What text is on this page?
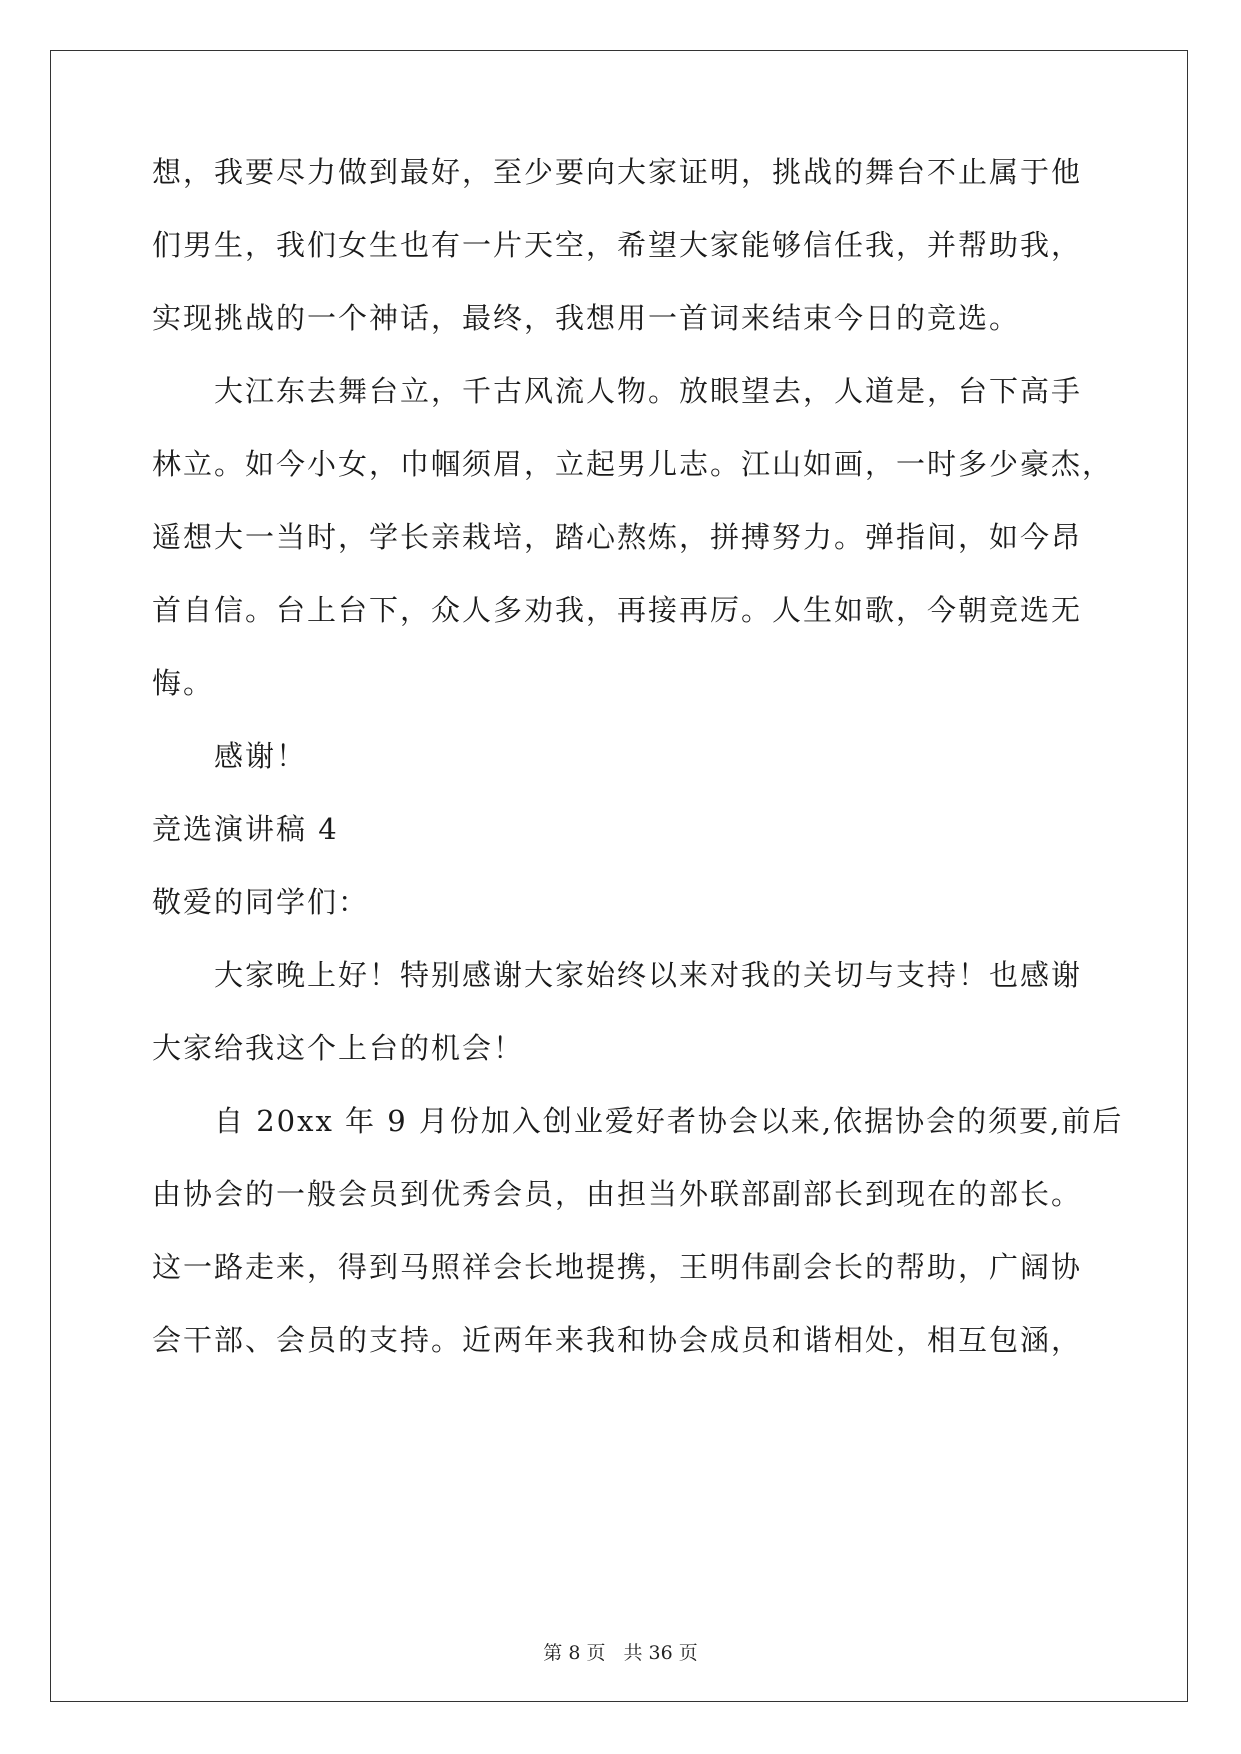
想，我要尽力做到最好，至少要向大家证明，挑战的舞台不止属于他
们男生，我们女生也有一片天空，希望大家能够信任我，并帮助我，
实现挑战的一个神话，最终，我想用一首词来结束今日的竞选。
大江东去舞台立，千古风流人物。放眼望去，人道是，台下高手
林立。如今小女，巾帼须眉，立起男儿志。江山如画，一时多少豪杰，
遥想大一当时，学长亲栽培，踏心熬炼，拼搏努力。弹指间，如今昂
首自信。台上台下，众人多劝我，再接再厉。人生如歌，今朝竞选无
悔。
感谢！
竞选演讲稿 4
敬爱的同学们：
大家晚上好！特别感谢大家始终以来对我的关切与支持！也感谢
大家给我这个上台的机会！
自 20xx 年 9 月份加入创业爱好者协会以来,依据协会的须要,前后
由协会的一般会员到优秀会员，由担当外联部副部长到现在的部长。
这一路走来，得到马照祥会长地提携，王明伟副会长的帮助，广阔协
会干部、会员的支持。近两年来我和协会成员和谐相处，相互包涵，
第 8 页 共 36 页
